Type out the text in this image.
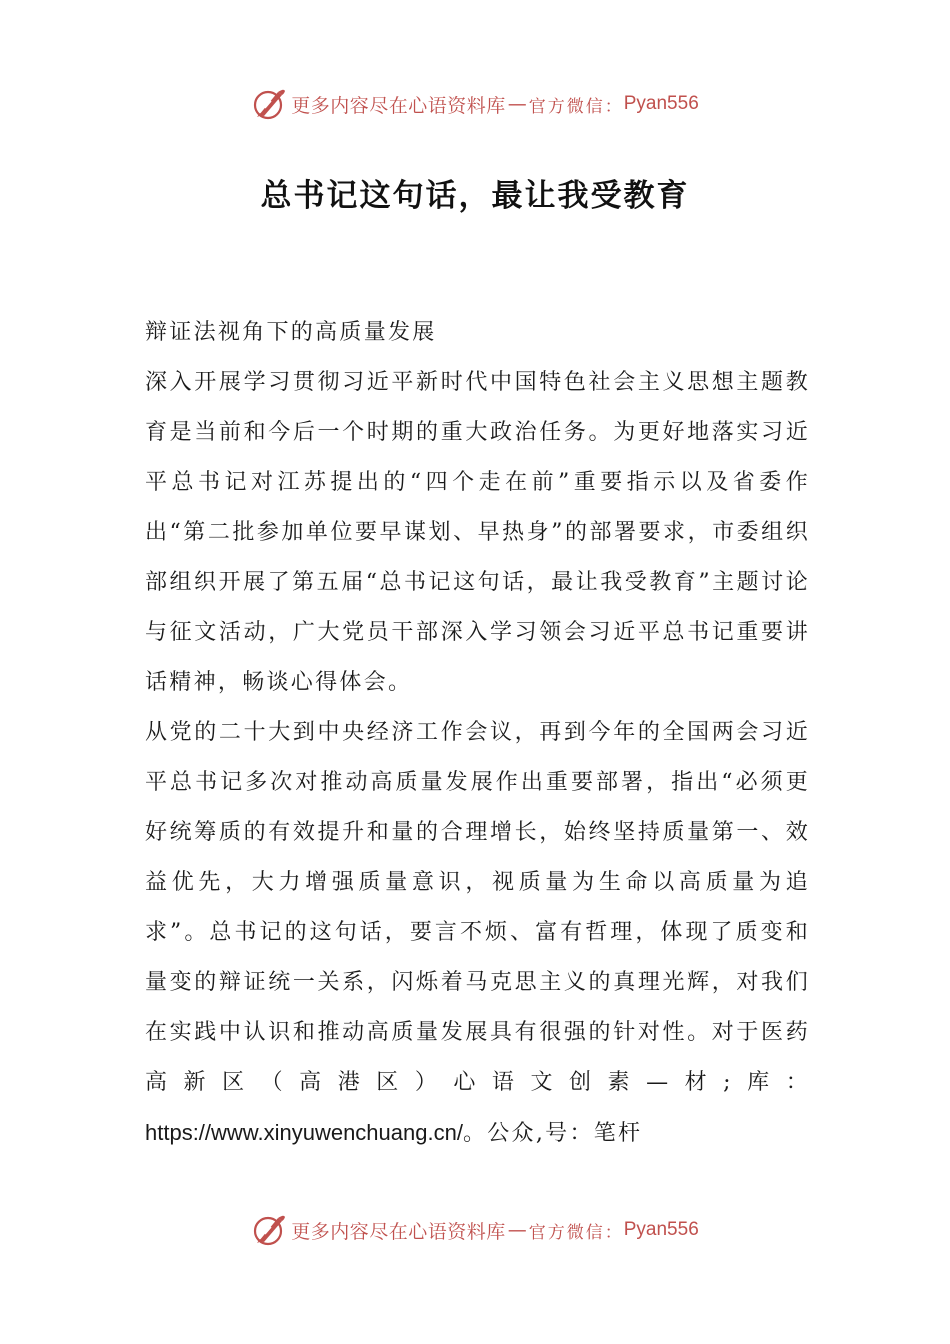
更多内容尽在心语资料库 — 官方微信： Pyan556
总书记这句话，最让我受教育

辩证法视角下的高质量发展

深入开展学习贯彻习近平新时代中国特色社会主义思想主题教育是当前和今后一个时期的重大政治任务。为更好地落实习近平总书记对江苏提出的“四个走在前”重要指示以及省委作出“第二批参加单位要早谋划、早热身”的部署要求，市委组织部组织开展了第五届“总书记这句话，最让我受教育”主题讨论与征文活动，广大党员干部深入学习领会习近平总书记重要讲话精神，畅谈心得体会。

从党的二十大到中央经济工作会议，再到今年的全国两会习近平总书记多次对推动高质量发展作出重要部署，指出“必须更好统筹质的有效提升和量的合理增长，始终坚持质量第一、效益优先，大力增强质量意识，视质量为生命以高质量为追求”。总书记的这句话，要言不烦、富有哲理，体现了质变和量变的辩证统一关系，闪烁着马克思主义的真理光辉，对我们在实践中认识和推动高质量发展具有很强的针对性。对于医药高新区（高港区）心语文创素—材;库：https://www.xinyuwenchuang.cn/。公众,号：笔杆

更多内容尽在心语资料库 — 官方微信： Pyan556
